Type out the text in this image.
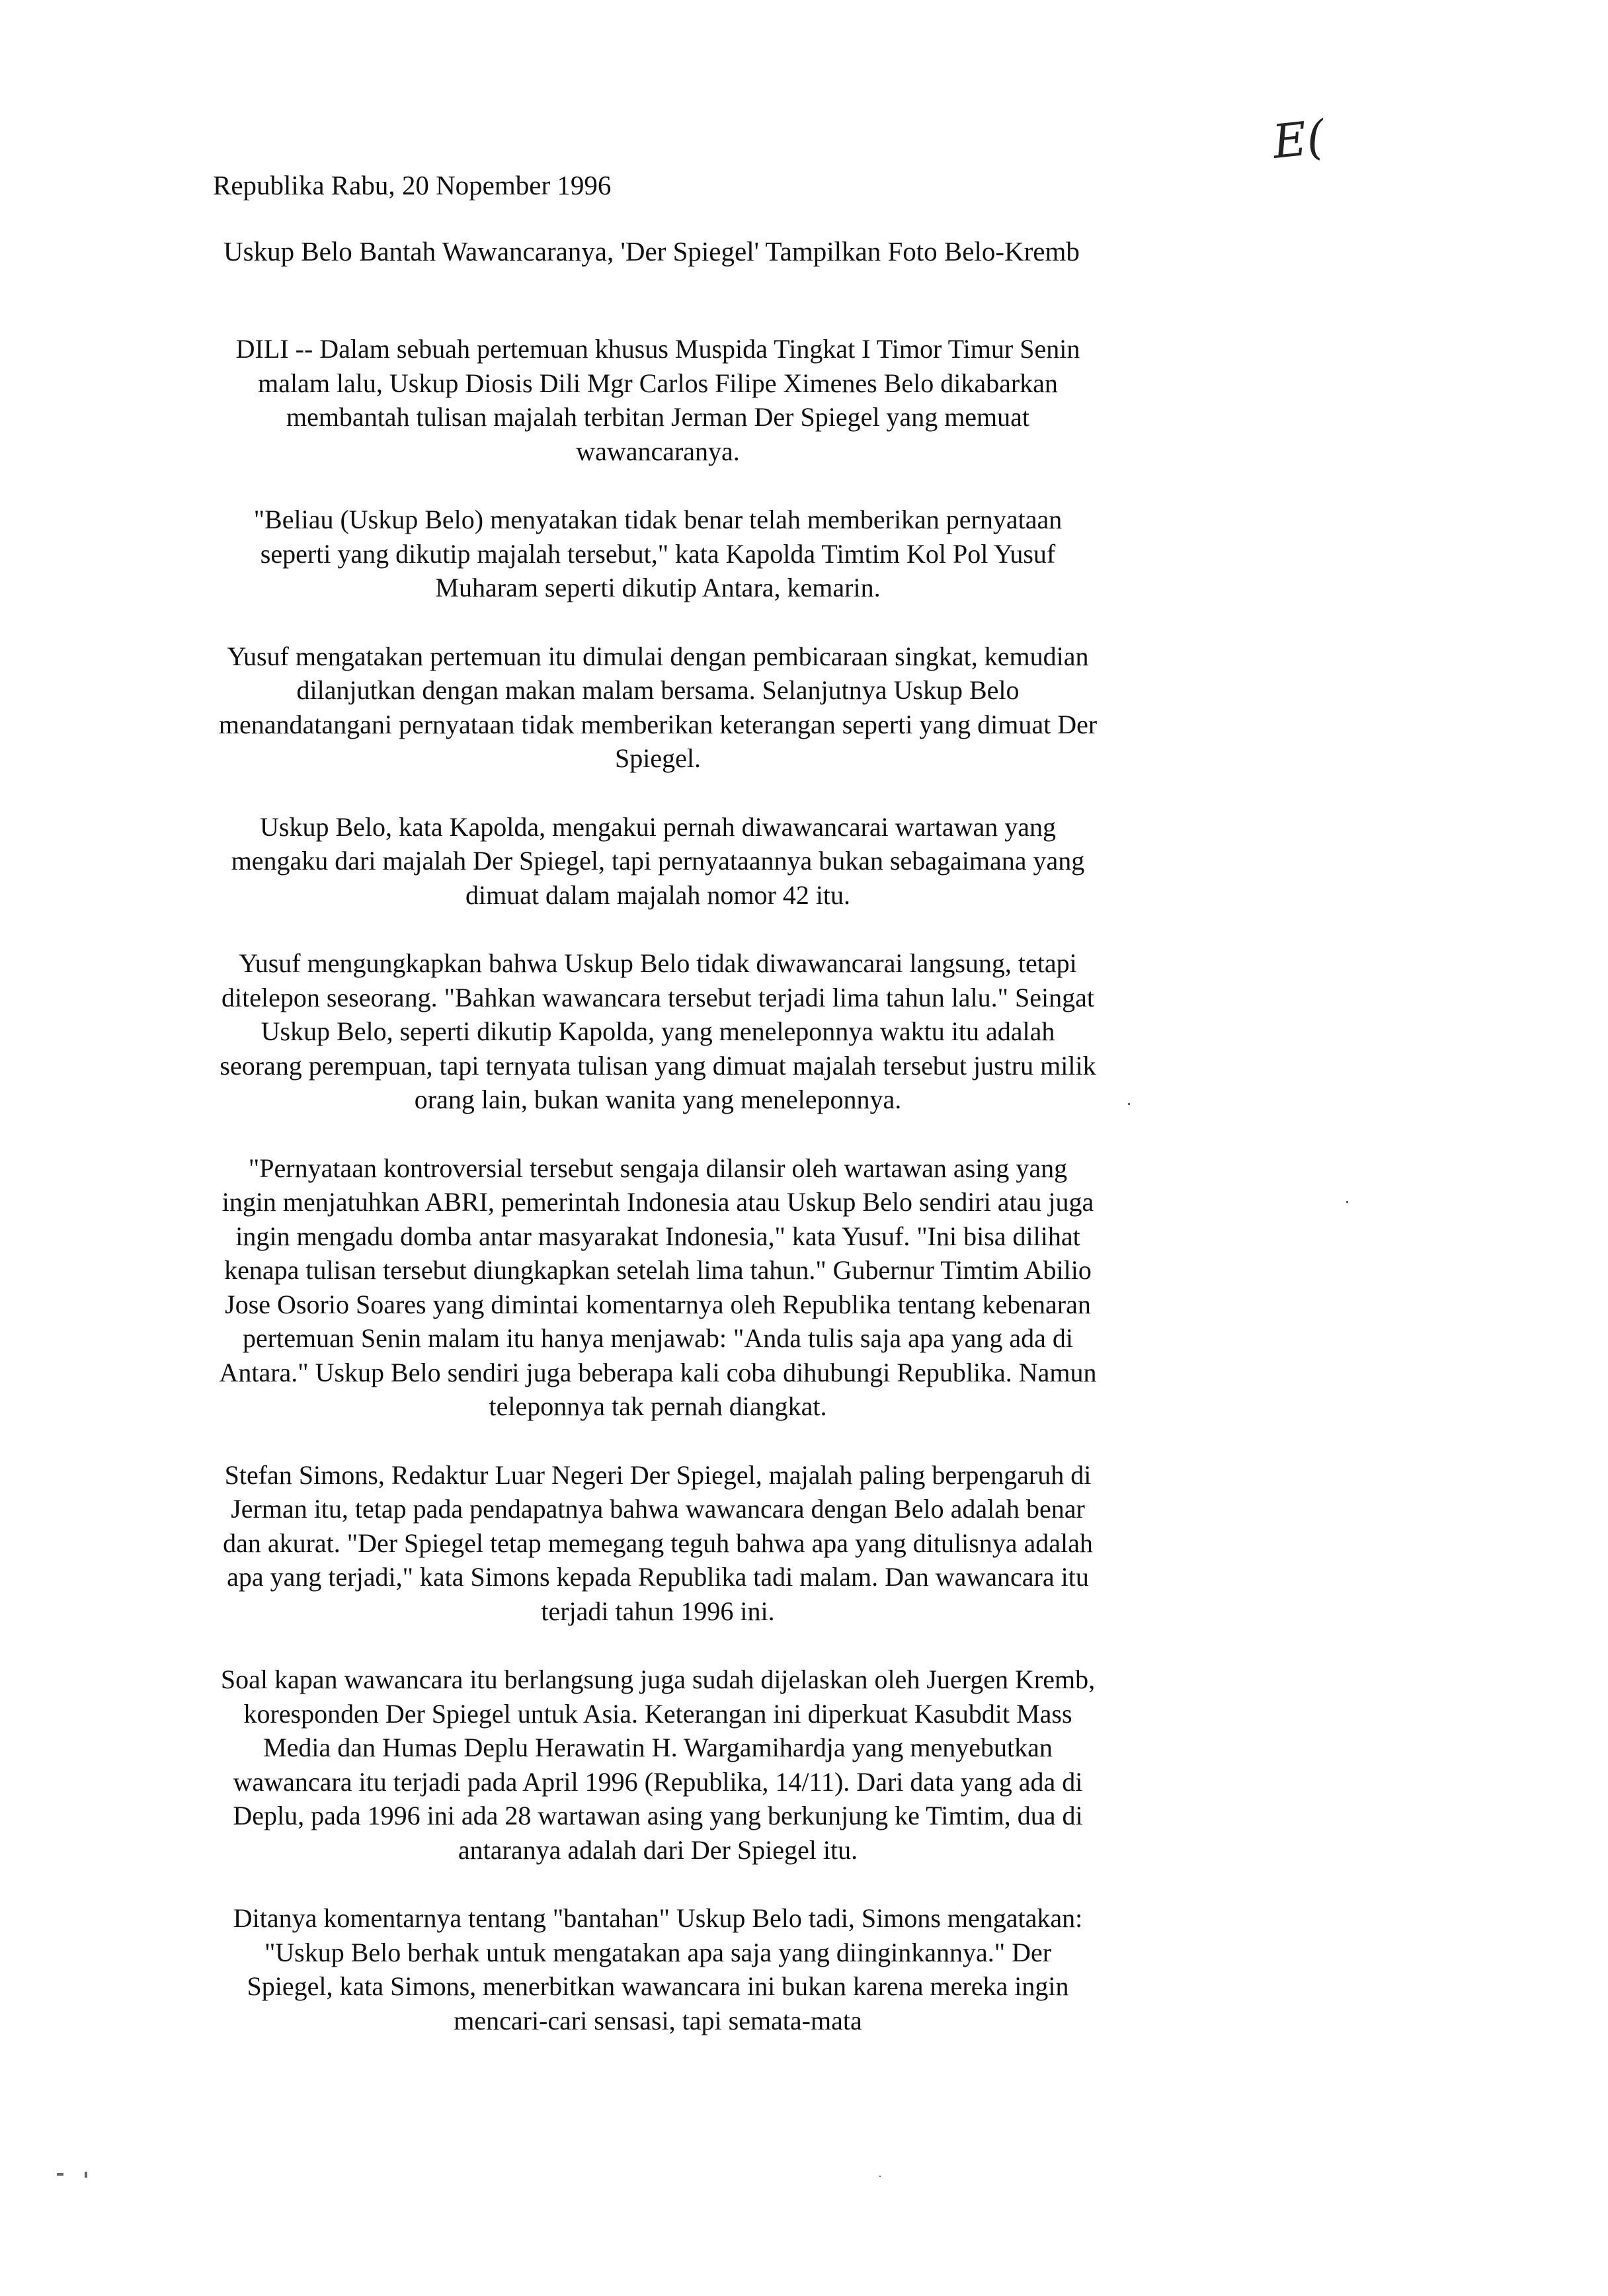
E(
Republika Rabu, 20 Nopember 1996
Uskup Belo Bantah Wawancaranya, 'Der Spiegel' Tampilkan Foto Belo-Kremb

DILI -- Dalam sebuah pertemuan khusus Muspida Tingkat I Timor Timur Senin malam lalu, Uskup Diosis Dili Mgr Carlos Filipe Ximenes Belo dikabarkan membantah tulisan majalah terbitan Jerman Der Spiegel yang memuat wawancaranya.

"Beliau (Uskup Belo) menyatakan tidak benar telah memberikan pernyataan seperti yang dikutip majalah tersebut," kata Kapolda Timtim Kol Pol Yusuf Muharam seperti dikutip Antara, kemarin.

Yusuf mengatakan pertemuan itu dimulai dengan pembicaraan singkat, kemudian dilanjutkan dengan makan malam bersama. Selanjutnya Uskup Belo menandatangani pernyataan tidak memberikan keterangan seperti yang dimuat Der Spiegel.

Uskup Belo, kata Kapolda, mengakui pernah diwawancarai wartawan yang mengaku dari majalah Der Spiegel, tapi pernyataannya bukan sebagaimana yang dimuat dalam majalah nomor 42 itu.

Yusuf mengungkapkan bahwa Uskup Belo tidak diwawancarai langsung, tetapi ditelepon seseorang. "Bahkan wawancara tersebut terjadi lima tahun lalu." Seingat Uskup Belo, seperti dikutip Kapolda, yang meneleponnya waktu itu adalah seorang perempuan, tapi ternyata tulisan yang dimuat majalah tersebut justru milik orang lain, bukan wanita yang meneleponnya.

"Pernyataan kontroversial tersebut sengaja dilansir oleh wartawan asing yang ingin menjatuhkan ABRI, pemerintah Indonesia atau Uskup Belo sendiri atau juga ingin mengadu domba antar masyarakat Indonesia," kata Yusuf. "Ini bisa dilihat kenapa tulisan tersebut diungkapkan setelah lima tahun." Gubernur Timtim Abilio Jose Osorio Soares yang dimintai komentarnya oleh Republika tentang kebenaran pertemuan Senin malam itu hanya menjawab: "Anda tulis saja apa yang ada di Antara." Uskup Belo sendiri juga beberapa kali coba dihubungi Republika. Namun teleponnya tak pernah diangkat.

Stefan Simons, Redaktur Luar Negeri Der Spiegel, majalah paling berpengaruh di Jerman itu, tetap pada pendapatnya bahwa wawancara dengan Belo adalah benar dan akurat. "Der Spiegel tetap memegang teguh bahwa apa yang ditulisnya adalah apa yang terjadi," kata Simons kepada Republika tadi malam. Dan wawancara itu terjadi tahun 1996 ini.

Soal kapan wawancara itu berlangsung juga sudah dijelaskan oleh Juergen Kremb, koresponden Der Spiegel untuk Asia. Keterangan ini diperkuat Kasubdit Mass Media dan Humas Deplu Herawatin H. Wargamihardja yang menyebutkan wawancara itu terjadi pada April 1996 (Republika, 14/11). Dari data yang ada di Deplu, pada 1996 ini ada 28 wartawan asing yang berkunjung ke Timtim, dua di antaranya adalah dari Der Spiegel itu.

Ditanya komentarnya tentang "bantahan" Uskup Belo tadi, Simons mengatakan: "Uskup Belo berhak untuk mengatakan apa saja yang diinginkannya." Der Spiegel, kata Simons, menerbitkan wawancara ini bukan karena mereka ingin mencari-cari sensasi, tapi semata-mata
